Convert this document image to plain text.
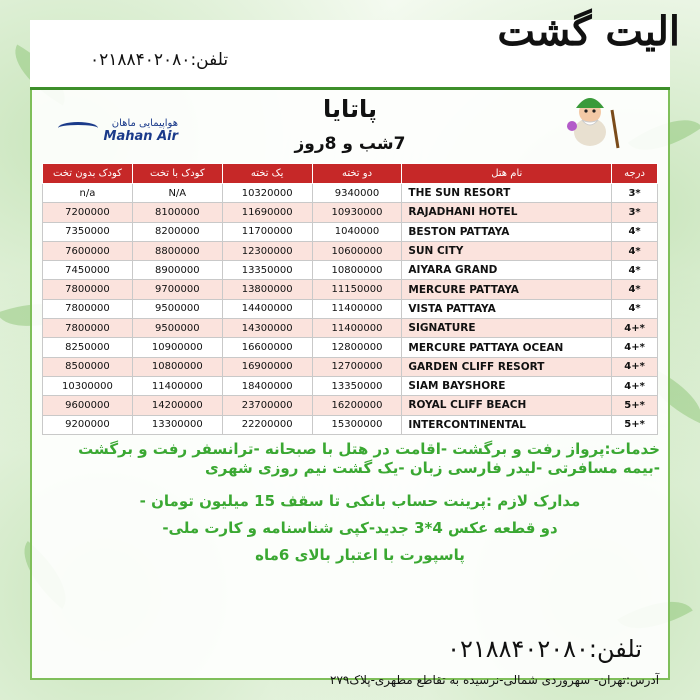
الیت گشت
تلفن:۰۲۱۸۸۴۰۲۰۸۰
پاتایا
7شب و 8روز
هواپیمایی ماهان
Mahan Air
درجه	نام هتل	دو تخته	یک تخته	کودک با تخت	کودک بدون تخت
3*	THE SUN RESORT	9340000	10320000	N/A	n/a
3*	RAJADHANI HOTEL	10930000	11690000	8100000	7200000
4*	BESTON PATTAYA	1040000	11700000	8200000	7350000
4*	SUN CITY	10600000	12300000	8800000	7600000
4*	AIYARA GRAND	10800000	13350000	8900000	7450000
4*	MERCURE PATTAYA	11150000	13800000	9700000	7800000
4*	VISTA PATTAYA	11400000	14400000	9500000	7800000
4+*	SIGNATURE	11400000	14300000	9500000	7800000
4+*	MERCURE PATTAYA OCEAN	12800000	16600000	10900000	8250000
4+*	GARDEN CLIFF RESORT	12700000	16900000	10800000	8500000
4+*	SIAM BAYSHORE	13350000	18400000	11400000	10300000
5+*	ROYAL CLIFF BEACH	16200000	23700000	14200000	9600000
5+*	INTERCONTINENTAL	15300000	22200000	13300000	9200000
خدمات:پرواز رفت و برگشت -اقامت در هتل با صبحانه -ترانسفر رفت و برگشت
-بیمه مسافرتی -لیدر فارسی زبان -یک گشت نیم روزی شهری
مدارک لازم :پرینت حساب بانکی تا سقف 15 میلیون تومان -
دو قطعه عکس 4*3 جدید-کپی شناسنامه و کارت ملی-
پاسپورت با اعتبار بالای 6ماه
تلفن:۰۲۱۸۸۴۰۲۰۸۰
آدرس:تهران- سهروردی شمالی-نرسیده به تقاطع مطهری-پلاک۲۷۹
